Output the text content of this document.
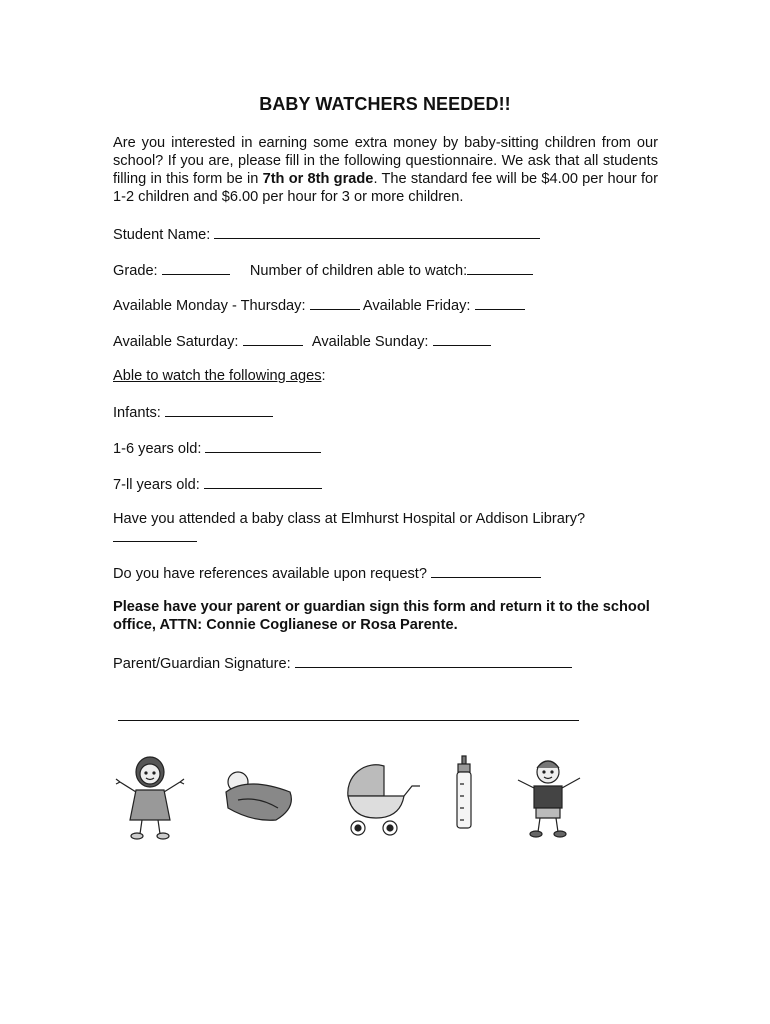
BABY WATCHERS NEEDED!!

Are you interested in earning some extra money by baby-sitting children from our school? If you are, please fill in the following questionnaire. We ask that all students filling in this form be in 7th or 8th grade. The standard fee will be $4.00 per hour for 1-2 children and $6.00 per hour for 3 or more children.

Student Name:
Grade:	Number of children able to watch:
Available Monday - Thursday:	Available Friday:
Available Saturday:	Available Sunday:
Able to watch the following ages:
Infants:
1-6 years old:
7-ll years old:
Have you attended a baby class at Elmhurst Hospital or Addison Library?
Do you have references available upon request?

Please have your parent or guardian sign this form and return it to the school office, ATTN: Connie Coglianese or Rosa Parente.

Parent/Guardian Signature:
